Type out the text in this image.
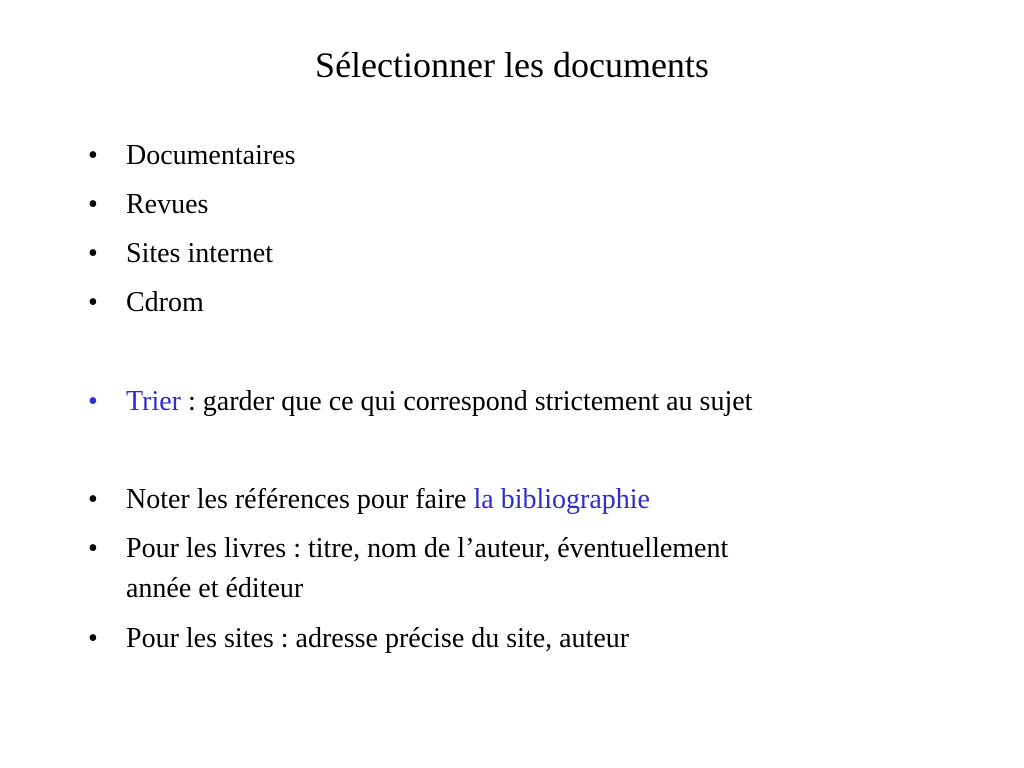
Sélectionner les documents
•	Documentaires
•	Revues
•	Sites internet
•	Cdrom
•	Trier : garder que ce qui correspond strictement au sujet
•	Noter les références pour faire la bibliographie
•	Pour les livres : titre, nom de l’auteur, éventuellement
année et éditeur
•	Pour les sites : adresse précise du site, auteur
